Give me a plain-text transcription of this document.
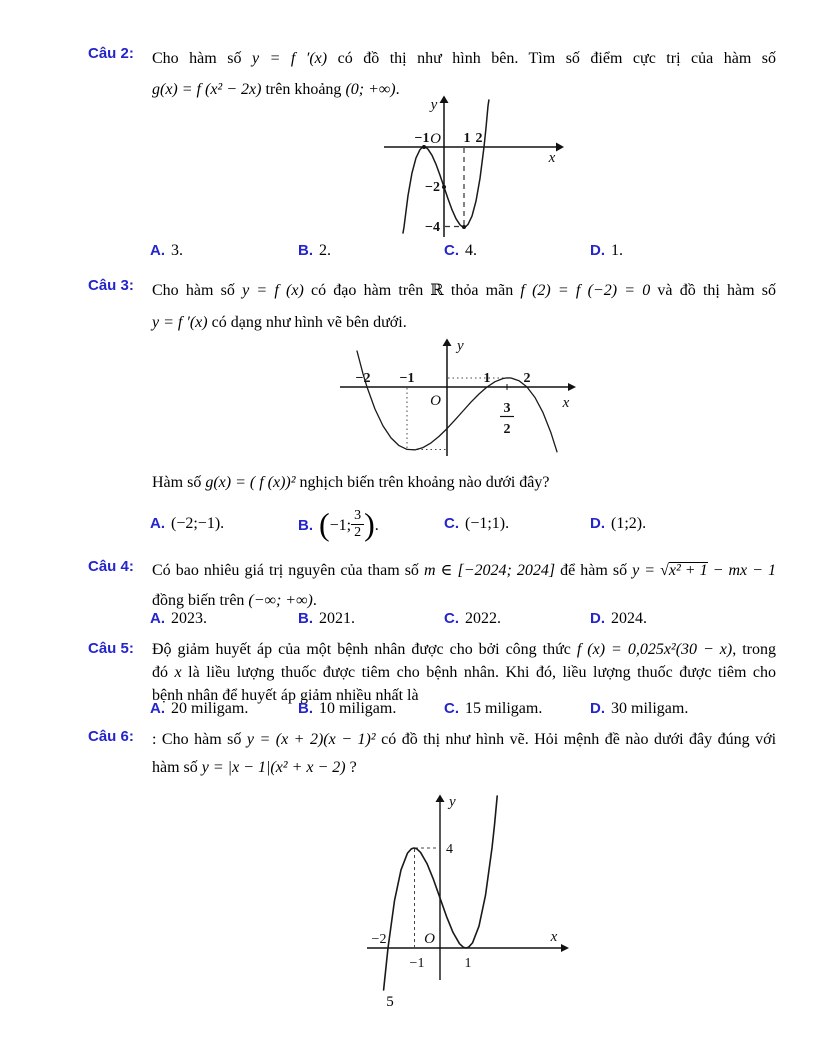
Câu 2: Cho hàm số y = f ′(x) có đồ thị như hình bên. Tìm số điểm cực trị của hàm số
g(x) = f (x² − 2x) trên khoảng (0; +∞).
y
x
O
−1 1 2
−2
−4
A. 3.	B. 2.	C. 4.	D. 1.
Câu 3: Cho hàm số y = f (x) có đạo hàm trên ℝ thỏa mãn f (2) = f (−2) = 0 và đồ thị hàm số
y = f ′(x) có dạng như hình vẽ bên dưới.
y
x
O
−2 −1	1 2
3
2
Hàm số g(x) = ( f (x))² nghịch biến trên khoảng nào dưới đây?
A. (−2;−1).	B. (−1; $\frac{3}{2}$ ).	C. (−1;1).	D. (1;2).
Câu 4: Có bao nhiêu giá trị nguyên của tham số m ∈ [−2024; 2024] để hàm số y = √x² + 1 − mx − 1
đồng biến trên (−∞; +∞).
A. 2023.	B. 2021.	C. 2022.	D. 2024.
Câu 5: Độ giảm huyết áp của một bệnh nhân được cho bởi công thức f (x) = 0,025x²(30 − x), trong
đó x là liều lượng thuốc được tiêm cho bệnh nhân. Khi đó, liều lượng thuốc được tiêm cho
bệnh nhân để huyết áp giảm nhiều nhất là
A. 20 miligam.	B. 10 miligam.	C. 15 miligam.	D. 30 miligam.
Câu 6: : Cho hàm số y = (x + 2)(x − 1)² có đồ thị như hình vẽ. Hỏi mệnh đề nào dưới đây đúng với
hàm số y = |x − 1|(x² + x − 2) ?
y
x
O
−2
−1	1
4
5
